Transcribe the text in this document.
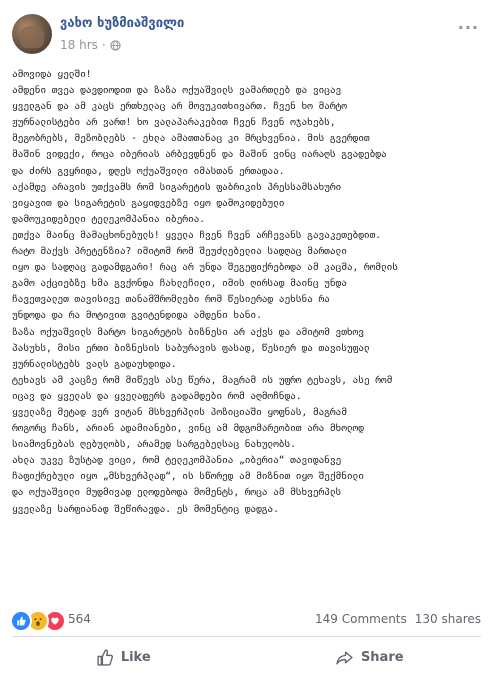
ვახო ხუზმიაშვილი
18 hrs ·
···
ამოვიდა ყელში!
ამდენი თვეა დავდიოდით და ზაზა ოქუაშვილს ვამართლებ და ვიცავ
ყველგან და ამ კაცს ერთხელაც არ მოვუკითხივართ. ჩვენ ხო მარტო
ჟურნალისტები არ ვართ! ხო ვალაპარაკებით ჩვენ ჩვენ ოჯახებს,
მეგობრებს, მეზობლებს - ეხლა ამათთანაც კი მრცხვენია. მის გვერდით
მაშინ ვიდექი, როცა იბერიას არბევდნენ და მაშინ ვინც იარაღს გვადებდა
და ძირს გვყრიდა, დღეს ოქუაშვილი იმასთან ერთადაა.
აქამდე არავის უთქვამს რომ სიგარეტის ფაბრიკის პრესსამსახური
ვიყავით და სიგარეტის გაყიდვებზე იყო დამოკიდებული
დამოუკიდებელი ტელეკომპანია იბერია.
ეთქვა მაინც მამაცხონებულს! ყველა ჩვენ ჩვენ არჩევანს გავაკეთებდით.
რატო მაქვს პრეტენზია? იმიტომ რომ შეუძლებელია სადღაც მართალი
იყო და სადღაც გადამდგარი! რაც არ უნდა შეგეფიქრებოდა ამ კაცმა, რომლის
გამო აქციებზე ხმა გვქონდა ჩახლეჩილი, იმის ღირსად მაინც უნდა
ჩავეთვალეთ თავისივე თანამშრომლები რომ წესიერად აეხსნა რა
უნდოდა და რა მოტივით გვიტენდიდა ამდენი ხანი.
ზაზა ოქუაშვილს მარტო სიგარეტის ბიზნესი არ აქვს და ამიტომ ვთხოვ
პასუხს, მისი ერთი ბიზნესის საბურავის ფასად, წესიერ და თავისუფალ
ჟურნალისტებს ვალს გადაუხდიდა.
ტეხავს ამ კაცზე რომ მიწევს ასე წერა, მაგრამ ის უფრო ტეხავს, ასე რომ
იცავ და ყველას და ყველაფერს გადამდები რომ აღმოჩნდა.
ყველაზე მეტად ვერ ვიტან მსხვერპლის პოზიციაში ყოფნას, მაგრამ
როგორც ჩანს, არიან ადამიანები, ვინც ამ მდგომარეობით არა მხოლოდ
სიამოვნებას ღებულობს, არამედ სარგებელსაც ნახულობს.
ახლა უკვე ზუსტად ვიცი, რომ ტელეკომპანია „იბერია“ თავიდანვე
ჩაფიქრებული იყო „მსხვერპლად“, ის სწორედ ამ მიზნით იყო შექმნილი
და ოქუაშვილი მუდმივად ელოდებოდა მომენტს, როცა ამ მსხვერპლს
ყველაზე სარფიანად შეწირავდა. ეს მომენტიც დადგა.
564	149 Comments 130 shares
Like	Share
